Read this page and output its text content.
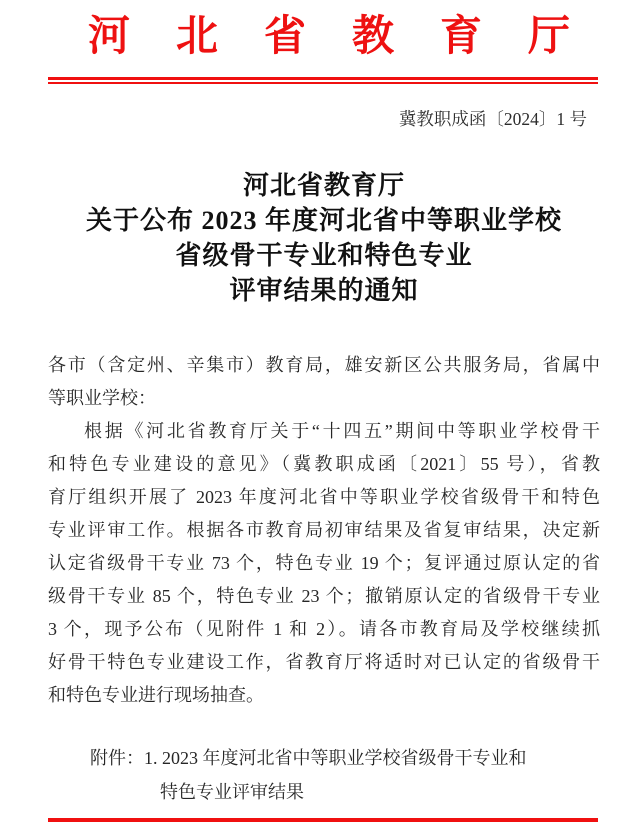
河北省教育厅
冀教职成函〔2024〕1 号
河北省教育厅
关于公布 2023 年度河北省中等职业学校
省级骨干专业和特色专业
评审结果的通知
各市（含定州、辛集市）教育局，雄安新区公共服务局，省属中
等职业学校：
根据《河北省教育厅关于“十四五”期间中等职业学校骨干
和特色专业建设的意见》（冀教职成函〔2021〕55 号），省教
育厅组织开展了 2023 年度河北省中等职业学校省级骨干和特色
专业评审工作。根据各市教育局初审结果及省复审结果，决定新
认定省级骨干专业 73 个，特色专业 19 个；复评通过原认定的省
级骨干专业 85 个，特色专业 23 个；撤销原认定的省级骨干专业
3 个，现予公布（见附件 1 和 2）。请各市教育局及学校继续抓
好骨干特色专业建设工作，省教育厅将适时对已认定的省级骨干
和特色专业进行现场抽查。
附件：1. 2023 年度河北省中等职业学校省级骨干专业和
特色专业评审结果
